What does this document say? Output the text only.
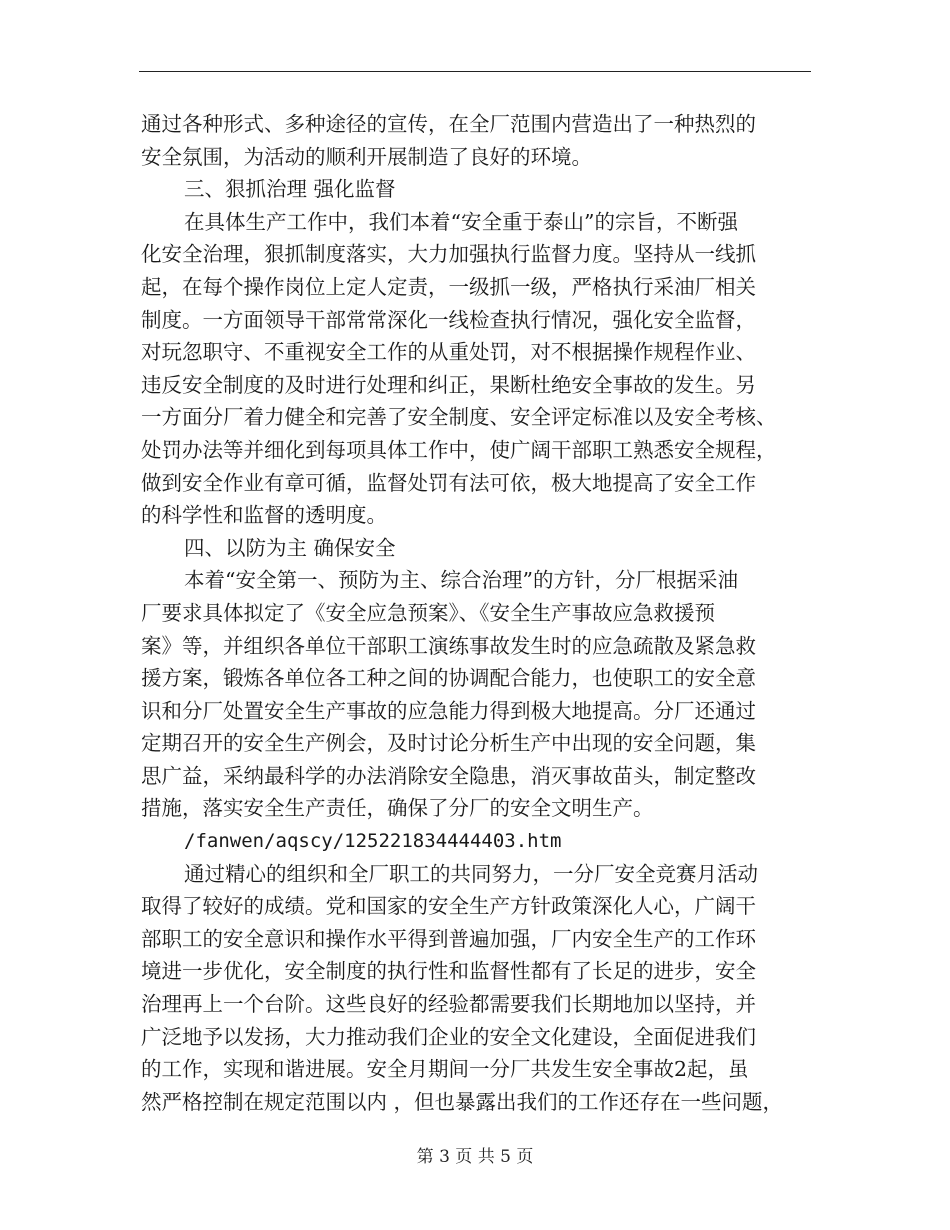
通过各种形式、多种途径的宣传，在全厂范围内营造出了一种热烈的
安全氛围，为活动的顺利开展制造了良好的环境。
三、狠抓治理 强化监督
在具体生产工作中，我们本着“安全重于泰山”的宗旨，不断强
化安全治理，狠抓制度落实，大力加强执行监督力度。坚持从一线抓
起，在每个操作岗位上定人定责，一级抓一级，严格执行采油厂相关
制度。一方面领导干部常常深化一线检查执行情况，强化安全监督，
对玩忽职守、不重视安全工作的从重处罚，对不根据操作规程作业、
违反安全制度的及时进行处理和纠正，果断杜绝安全事故的发生。另
一方面分厂着力健全和完善了安全制度、安全评定标准以及安全考核、
处罚办法等并细化到每项具体工作中，使广阔干部职工熟悉安全规程，
做到安全作业有章可循，监督处罚有法可依，极大地提高了安全工作
的科学性和监督的透明度。
四、以防为主 确保安全
本着“安全第一、预防为主、综合治理”的方针，分厂根据采油
厂要求具体拟定了《安全应急预案》、《安全生产事故应急救援预
案》等，并组织各单位干部职工演练事故发生时的应急疏散及紧急救
援方案，锻炼各单位各工种之间的协调配合能力，也使职工的安全意
识和分厂处置安全生产事故的应急能力得到极大地提高。分厂还通过
定期召开的安全生产例会，及时讨论分析生产中出现的安全问题，集
思广益，采纳最科学的办法消除安全隐患，消灭事故苗头，制定整改
措施，落实安全生产责任，确保了分厂的安全文明生产。
/fanwen/aqscy/125221834444403.htm
通过精心的组织和全厂职工的共同努力，一分厂安全竞赛月活动
取得了较好的成绩。党和国家的安全生产方针政策深化人心，广阔干
部职工的安全意识和操作水平得到普遍加强，厂内安全生产的工作环
境进一步优化，安全制度的执行性和监督性都有了长足的进步，安全
治理再上一个台阶。这些良好的经验都需要我们长期地加以坚持，并
广泛地予以发扬，大力推动我们企业的安全文化建设，全面促进我们
的工作，实现和谐进展。安全月期间一分厂共发生安全事故2起，虽
然严格控制在规定范围以内 ，但也暴露出我们的工作还存在一些问题，
第 3 页 共 5 页
